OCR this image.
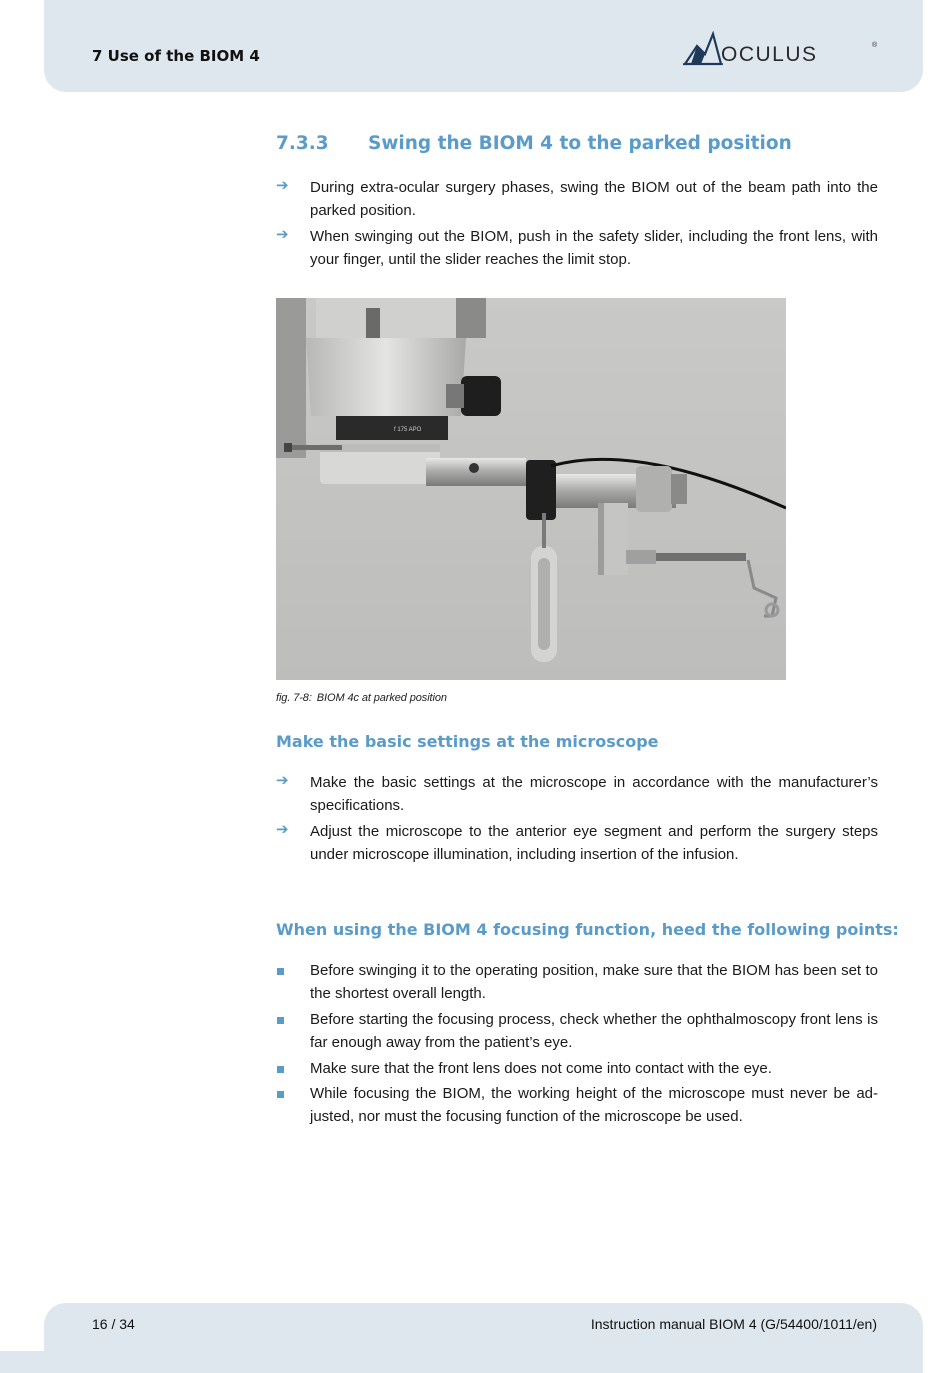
7 Use of the BIOM 4	OCULUS	®
7.3.3 Swing the BIOM 4 to the parked position
➔	During extra-ocular surgery phases, swing the BIOM out of the beam path into the parked position.
➔	When swinging out the BIOM, push in the safety slider, including the front lens, with your finger, until the slider reaches the limit stop.
f 175 APO
fig. 7-8: BIOM 4c at parked position
Make the basic settings at the microscope
➔	Make the basic settings at the microscope in accordance with the manufacturer’s specifications.
➔	Adjust the microscope to the anterior eye segment and perform the surgery steps under microscope illumination, including insertion of the infusion.
When using the BIOM 4 focusing function, heed the following points:
Before swinging it to the operating position, make sure that the BIOM has been set to the shortest overall length.
Before starting the focusing process, check whether the ophthalmoscopy front lens is far enough away from the patient’s eye.
Make sure that the front lens does not come into contact with the eye.
While focusing the BIOM, the working height of the microscope must never be ad-justed, nor must the focusing function of the microscope be used.
16 / 34	Instruction manual BIOM 4 (G/54400/1011/en)
